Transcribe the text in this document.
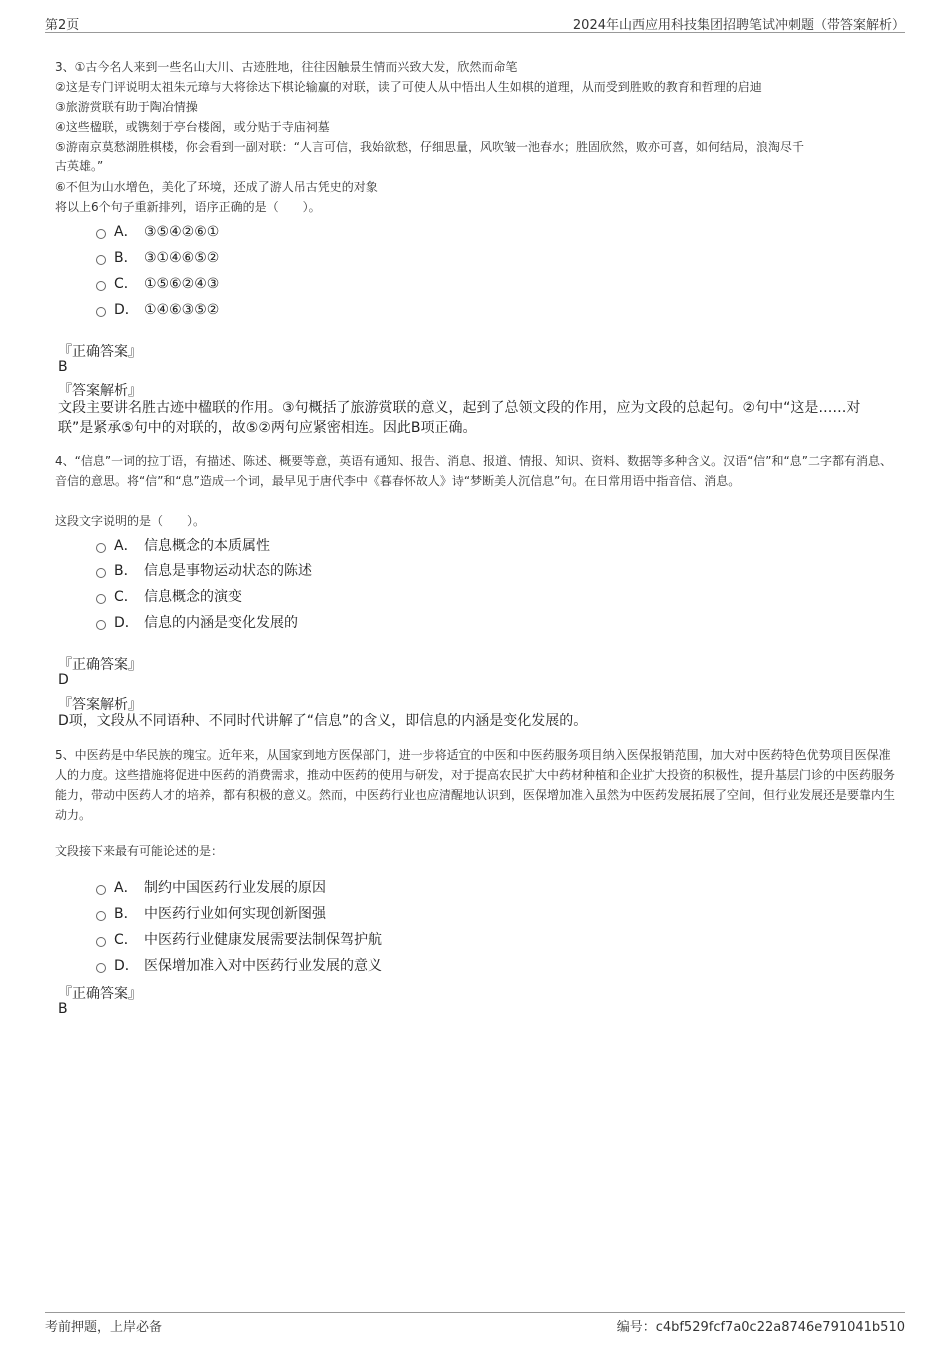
第2页	2024年山西应用科技集团招聘笔试冲刺题（带答案解析）
3、①古今名人来到一些名山大川、古迹胜地，往往因触景生情而兴致大发，欣然而命笔
②这是专门评说明太祖朱元璋与大将徐达下棋论输赢的对联，读了可使人从中悟出人生如棋的道理，从而受到胜败的教育和哲理的启迪
③旅游赏联有助于陶冶情操
④这些楹联，或镌刻于亭台楼阁，或分贴于寺庙祠墓
⑤游南京莫愁湖胜棋楼，你会看到一副对联：“人言可信，我始欲愁，仔细思量，风吹皱一池春水；胜固欣然，败亦可喜，如何结局，浪淘尽千
古英雄。”
⑥不但为山水增色，美化了环境，还成了游人吊古凭史的对象
将以上6个句子重新排列，语序正确的是（　　）。
A． ③⑤④②⑥①
B． ③①④⑥⑤②
C． ①⑤⑥②④③
D． ①④⑥③⑤②
『正确答案』
B
『答案解析』
文段主要讲名胜古迹中楹联的作用。③句概括了旅游赏联的意义，起到了总领文段的作用，应为文段的总起句。②句中“这是……对联”是紧承⑤句中的对联的，故⑤②两句应紧密相连。因此B项正确。
4、“信息”一词的拉丁语，有描述、陈述、概要等意，英语有通知、报告、消息、报道、情报、知识、资料、数据等多种含义。汉语“信”和“息”二字都有消息、音信的意思。将“信”和“息”造成一个词，最早见于唐代李中《暮春怀故人》诗“梦断美人沉信息”句。在日常用语中指音信、消息。
这段文字说明的是（　　）。
A． 信息概念的本质属性
B． 信息是事物运动状态的陈述
C． 信息概念的演变
D． 信息的内涵是变化发展的
『正确答案』
D
『答案解析』
D项，文段从不同语种、不同时代讲解了“信息”的含义，即信息的内涵是变化发展的。
5、中医药是中华民族的瑰宝。近年来，从国家到地方医保部门，进一步将适宜的中医和中医药服务项目纳入医保报销范围，加大对中医药特色优势项目医保准人的力度。这些措施将促进中医药的消费需求，推动中医药的使用与研发，对于提高农民扩大中药材种植和企业扩大投资的积极性，提升基层门诊的中医药服务能力，带动中医药人才的培养，都有积极的意义。然而，中医药行业也应清醒地认识到，医保增加准入虽然为中医药发展拓展了空间，但行业发展还是要靠内生动力。
文段接下来最有可能论述的是：
A． 制约中国医药行业发展的原因
B． 中医药行业如何实现创新图强
C． 中医药行业健康发展需要法制保驾护航
D． 医保增加准入对中医药行业发展的意义
『正确答案』
B
考前押题，上岸必备	编号：c4bf529fcf7a0c22a8746e791041b510
